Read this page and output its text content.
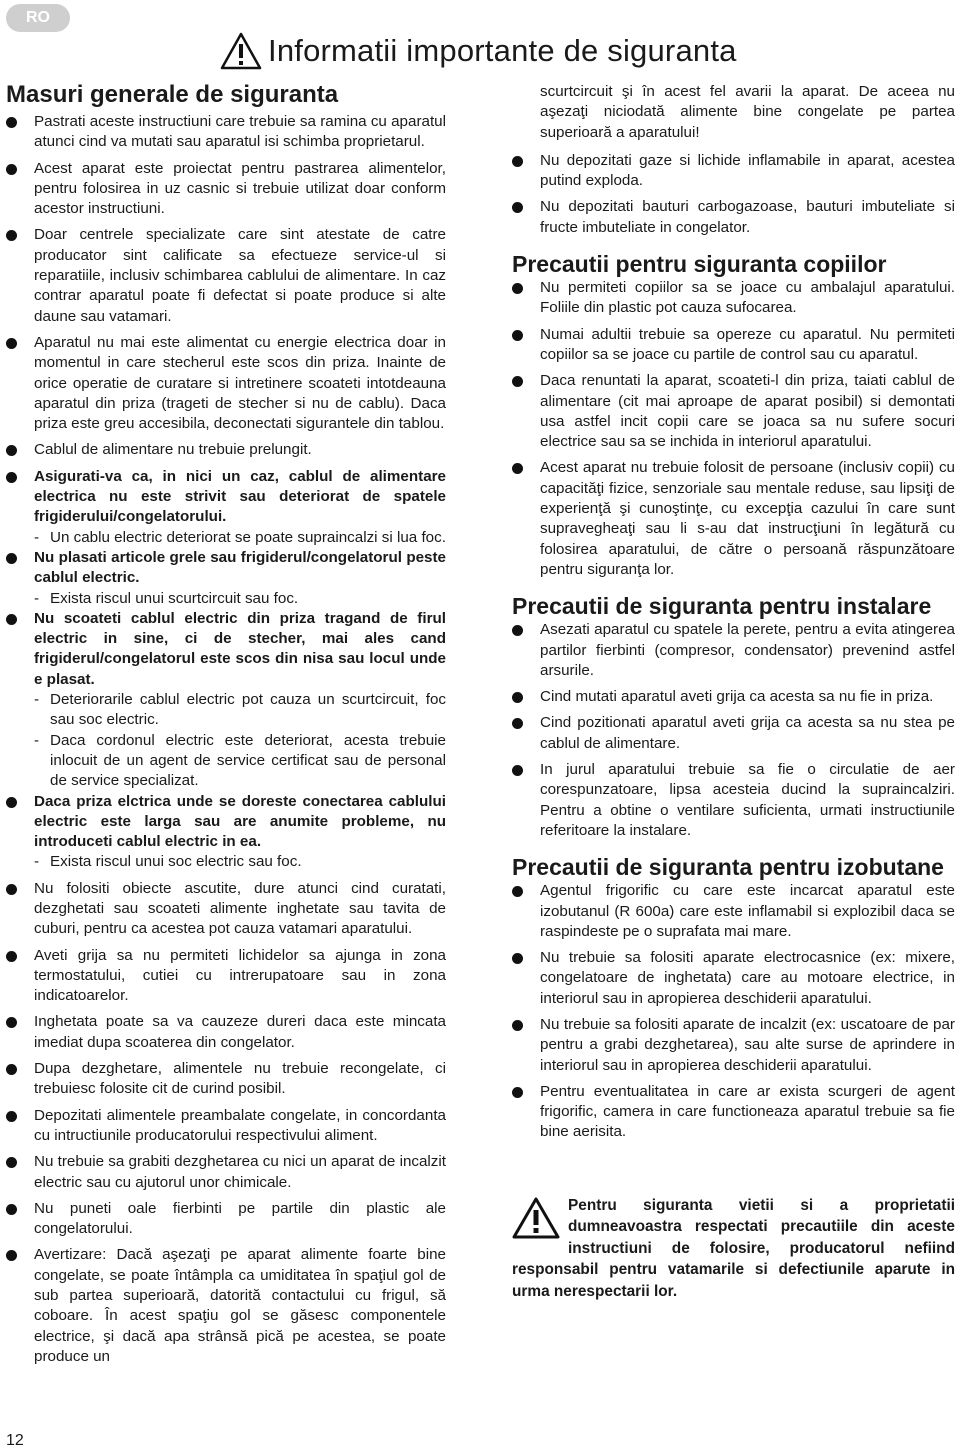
RO
Informatii importante de siguranta
Masuri generale de siguranta
Pastrati aceste instructiuni care trebuie sa ramina cu aparatul atunci cind va mutati sau aparatul isi schimba proprietarul.
Acest aparat este proiectat pentru pastrarea alimentelor, pentru folosirea in uz casnic si trebuie utilizat doar conform acestor instructiuni.
Doar centrele specializate care sint atestate de catre producator sint calificate sa efectueze service-ul si reparatiile, inclusiv schimbarea cablului de alimentare. In caz contrar aparatul poate fi defectat si poate produce si alte daune sau vatamari.
Aparatul nu mai este alimentat cu energie electrica doar in momentul in care stecherul este scos din priza. Inainte de orice operatie de curatare si intretinere scoateti intotdeauna aparatul din priza (trageti de stecher si nu de cablu). Daca priza este greu accesibila, deconectati sigurantele din tablou.
Cablul de alimentare nu trebuie prelungit.
Asigurati-va ca, in nici un caz, cablul de alimentare electrica nu este strivit sau deteriorat de spatele frigiderului/congelatorului.
- Un cablu electric deteriorat se poate supraincalzi si lua foc.
Nu plasati articole grele sau frigiderul/congelatorul peste cablul electric.
- Exista riscul unui scurtcircuit sau foc.
Nu scoateti cablul electric din priza tragand de firul electric in sine, ci de stecher, mai ales cand frigiderul/congelatorul este scos din nisa sau locul unde e plasat.
- Deteriorarile cablul electric pot cauza un scurtcircuit, foc sau soc electric.
- Daca cordonul electric este deteriorat, acesta trebuie inlocuit de un agent de service certificat sau de personal de service specializat.
Daca priza elctrica unde se doreste conectarea cablului electric este larga sau are anumite probleme, nu introduceti cablul electric in ea.
- Exista riscul unui soc electric sau foc.
Nu folositi obiecte ascutite, dure atunci cind curatati, dezghetati sau scoateti alimente inghetate sau tavita de cuburi, pentru ca acestea pot cauza vatamari aparatului.
Aveti grija sa nu permiteti lichidelor sa ajunga in zona termostatului, cutiei cu intrerupatoare sau in zona indicatoarelor.
Inghetata poate sa va cauzeze dureri daca este mincata imediat dupa scoaterea din congelator.
Dupa dezghetare, alimentele nu trebuie recongelate, ci trebuiesc folosite cit de curind posibil.
Depozitati alimentele preambalate congelate, in concordanta cu intructiunile producatorului respectivului aliment.
Nu trebuie sa grabiti dezghetarea cu nici un aparat de incalzit electric sau cu ajutorul unor chimicale.
Nu puneti oale fierbinti pe partile din plastic ale congelatorului.
Avertizare: Dacă aşezaţi pe aparat alimente foarte bine congelate, se poate întâmpla ca umiditatea în spaţiul gol de sub partea superioară, datorită contactului cu frigul, să coboare. În acest spaţiu gol se găsesc componentele electrice, şi dacă apa strânsă pică pe acestea, se poate produce un
scurtcircuit şi în acest fel avarii la aparat. De aceea nu aşezaţi niciodată alimente bine congelate pe partea superioară a aparatului!
Nu depozitati gaze si lichide inflamabile in aparat, acestea putind exploda.
Nu depozitati bauturi carbogazoase, bauturi imbuteliate si fructe imbuteliate in congelator.
Precautii pentru siguranta copiilor
Nu permiteti copiilor sa se joace cu ambalajul aparatului. Foliile din plastic pot cauza sufocarea.
Numai adultii trebuie sa opereze cu aparatul. Nu permiteti copiilor sa se joace cu partile de control sau cu aparatul.
Daca renuntati la aparat, scoateti-l din priza, taiati cablul de alimentare (cit mai aproape de aparat posibil) si demontati usa astfel incit copii care se joaca sa nu sufere socuri electrice sau sa se inchida in interiorul aparatului.
Acest aparat nu trebuie folosit de persoane (inclusiv copii) cu capacităţi fizice, senzoriale sau mentale reduse, sau lipsiţi de experienţă şi cunoştinţe, cu excepţia cazului în care sunt supravegheaţi sau li s-au dat instrucţiuni în legătură cu folosirea aparatului, de către o persoană răspunzătoare pentru siguranţa lor.
Precautii de siguranta pentru instalare
Asezati aparatul cu spatele la perete, pentru a evita atingerea partilor fierbinti (compresor, condensator) prevenind astfel arsurile.
Cind mutati aparatul aveti grija ca acesta sa nu fie in priza.
Cind pozitionati aparatul aveti grija ca acesta sa nu stea pe cablul de alimentare.
In jurul aparatului trebuie sa fie o circulatie de aer corespunzatoare, lipsa acesteia ducind la supraincalziri. Pentru a obtine o ventilare suficienta, urmati instructiunile referitoare la instalare.
Precautii de siguranta pentru izobutane
Agentul frigorific cu care este incarcat aparatul este izobutanul (R 600a) care este inflamabil si explozibil daca se raspindeste pe o suprafata mai mare.
Nu trebuie sa folositi aparate electrocasnice (ex: mixere, congelatoare de inghetata) care au motoare electrice, in interiorul sau in apropierea deschiderii aparatului.
Nu trebuie sa folositi aparate de incalzit (ex: uscatoare de par pentru a grabi dezghetarea), sau alte surse de aprindere in interiorul sau in apropierea deschiderii aparatului.
Pentru eventualitatea in care ar exista scurgeri de agent frigorific, camera in care functioneaza aparatul trebuie sa fie bine aerisita.
Pentru siguranta vietii si a proprietatii dumneavoastra respectati precautiile din aceste instructiuni de folosire, producatorul nefiind responsabil pentru vatamarile si defectiunile aparute in urma nerespectarii lor.
12
